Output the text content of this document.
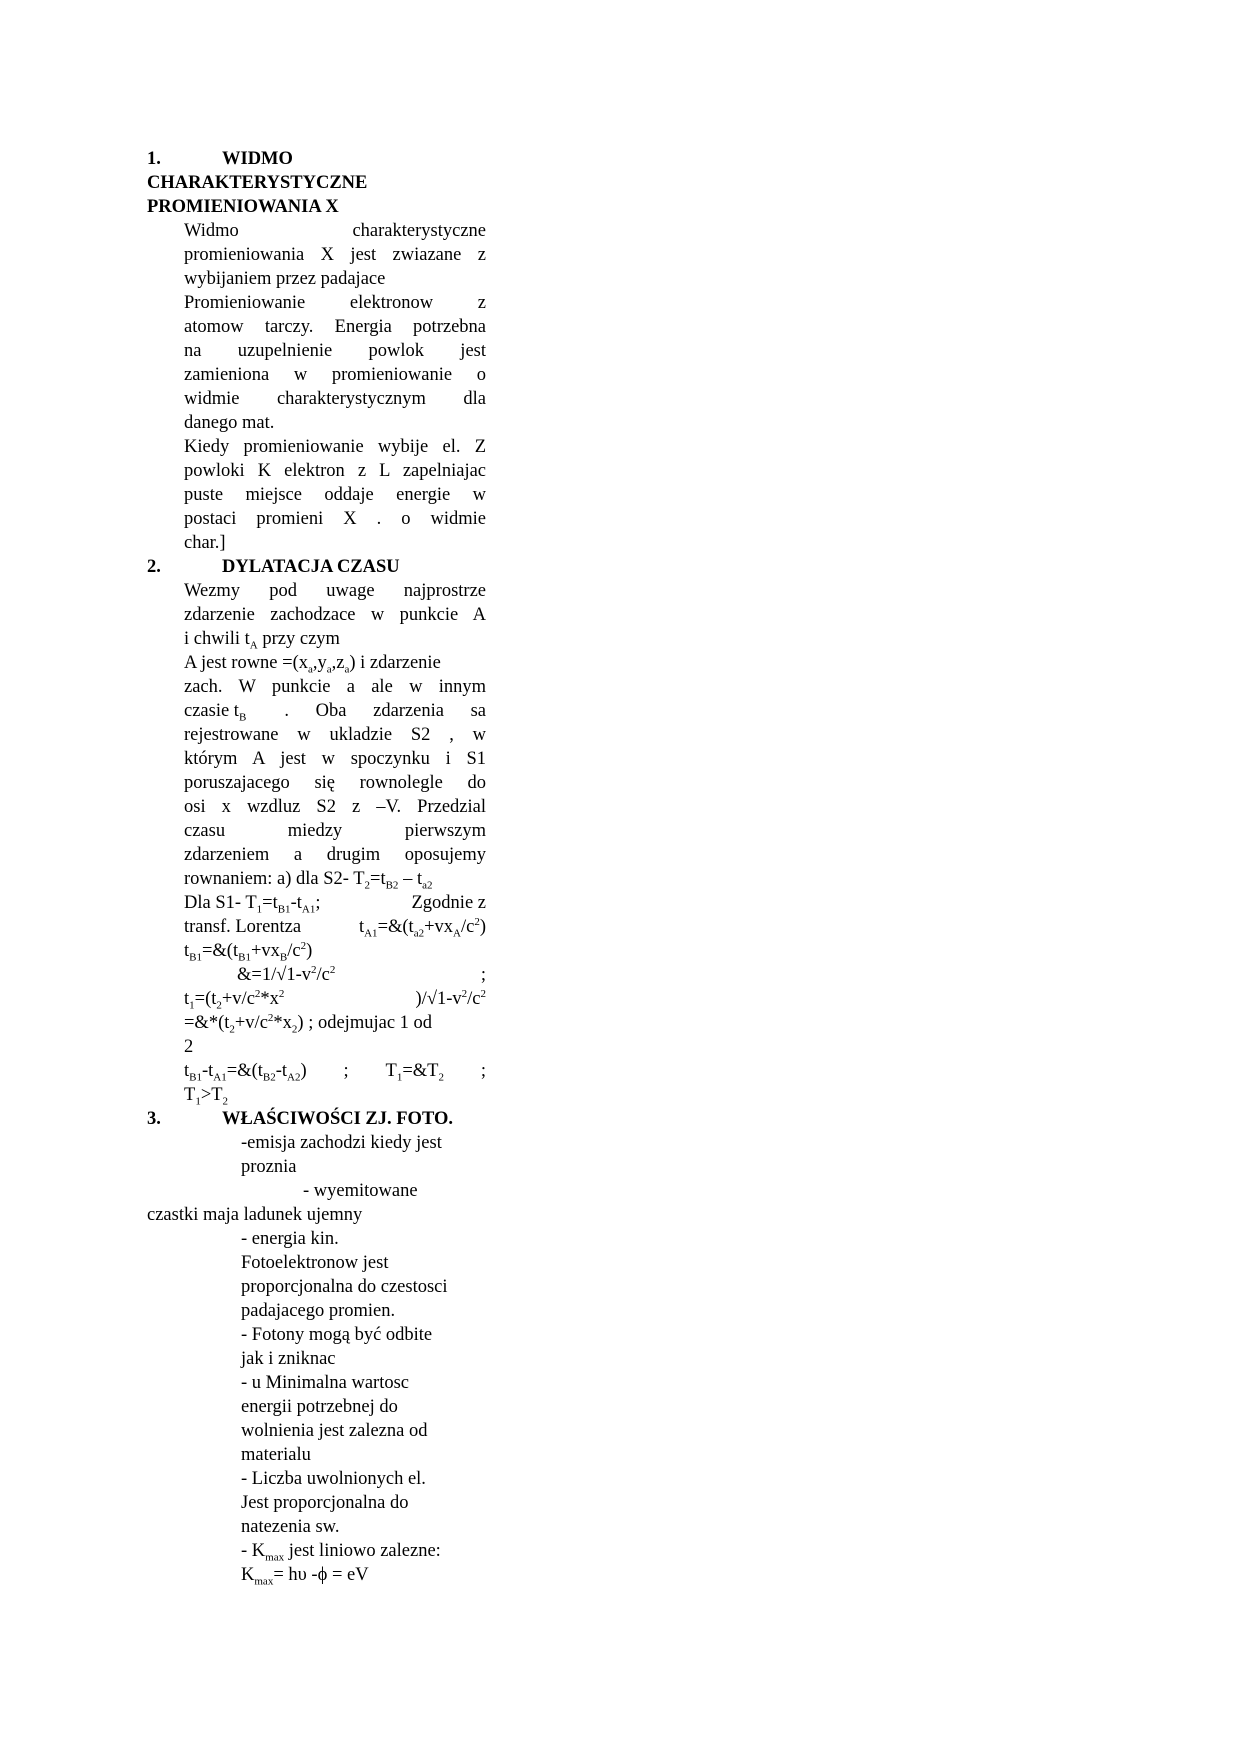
1.	WIDMO
CHARAKTERYSTYCZNE
PROMIENIOWANIA X
Widmo	charakterystyczne
promieniowania X jest zwiazane z
wybijaniem przez padajace
Promieniowanie elektronow z
atomow tarczy. Energia potrzebna
na uzupelnienie powlok jest
zamieniona w promieniowanie o
widmie charakterystycznym dla
danego mat.
Kiedy promieniowanie wybije el. Z
powloki K elektron z L zapelniajac
puste miejsce oddaje energie w
postaci promieni X . o widmie
char.]
2.	DYLATACJA CZASU
Wezmy pod uwage najprostrze
zdarzenie zachodzace w punkcie A
i chwili $t_A$ przy czym
A jest rowne $=(x_a,y_a,z_a)$ i zdarzenie
zach. W punkcie a ale w innym
czasie $t_B$ . Oba zdarzenia sa
rejestrowane w ukladzie S2 , w
którym A jest w spoczynku i S1
poruszajacego się rownolegle do
osi x wzdluz S2 z –V. Przedzial
czasu miedzy pierwszym
zdarzeniem a drugim oposujemy
rownaniem: a) dla S2- $T_2=t_{B2} - t_{a2}$
Dla S1- $T_1=t_{B1}-t_{A1}$;	Zgodnie z
transf. Lorentza	$t_{A1}=\&(t_{a2}+vx_A/c^2)$
$t_{B1}=\&(t_{B1}+vx_B/c^2)$
$\&=1/√1-v^2/c^2$	;
$t_1=(t_2+v/c^2*x^2$	)$/√1-v^2/c^2$
$=\&*(t_2+v/c^2*x_2)$ ; odejmujac 1 od
2
$t_{B1}-t_{A1}=\&(t_{B2}-t_{A2})$ ; $T_1=\&T_2$ ;
$T_1>T_2$
3.	WŁAŚCIWOŚCI ZJ. FOTO.
-emisja zachodzi kiedy jest
proznia
- wyemitowane
czastki maja ladunek ujemny
- energia kin.
Fotoelektronow jest
proporcjonalna do czestosci
padajacego promien.
- Fotony mogą być odbite
jak i zniknac
- u Minimalna wartosc
energii potrzebnej do
wolnienia jest zalezna od
materialu
- Liczba uwolnionych el.
Jest proporcjonalna do
natezenia sw.
- $K_{max}$ jest liniowo zalezne:
$K_{max}= h\upsilon$ -ϕ = eV
